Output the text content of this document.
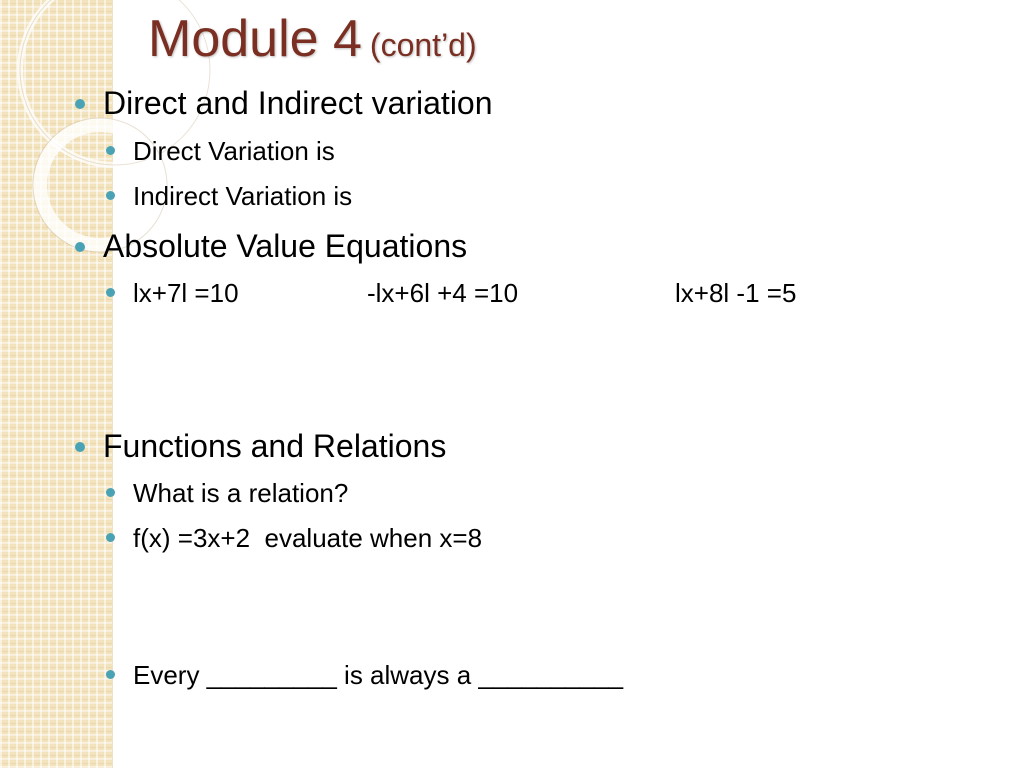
Module 4 (cont’d)
Direct and Indirect variation
Direct Variation is
Indirect Variation is
Absolute Value Equations
lx+7l =10	-lx+6l +4 =10	lx+8l -1 =5
Functions and Relations
What is a relation?
f(x) =3x+2  evaluate when x=8
Every _________ is always a __________
